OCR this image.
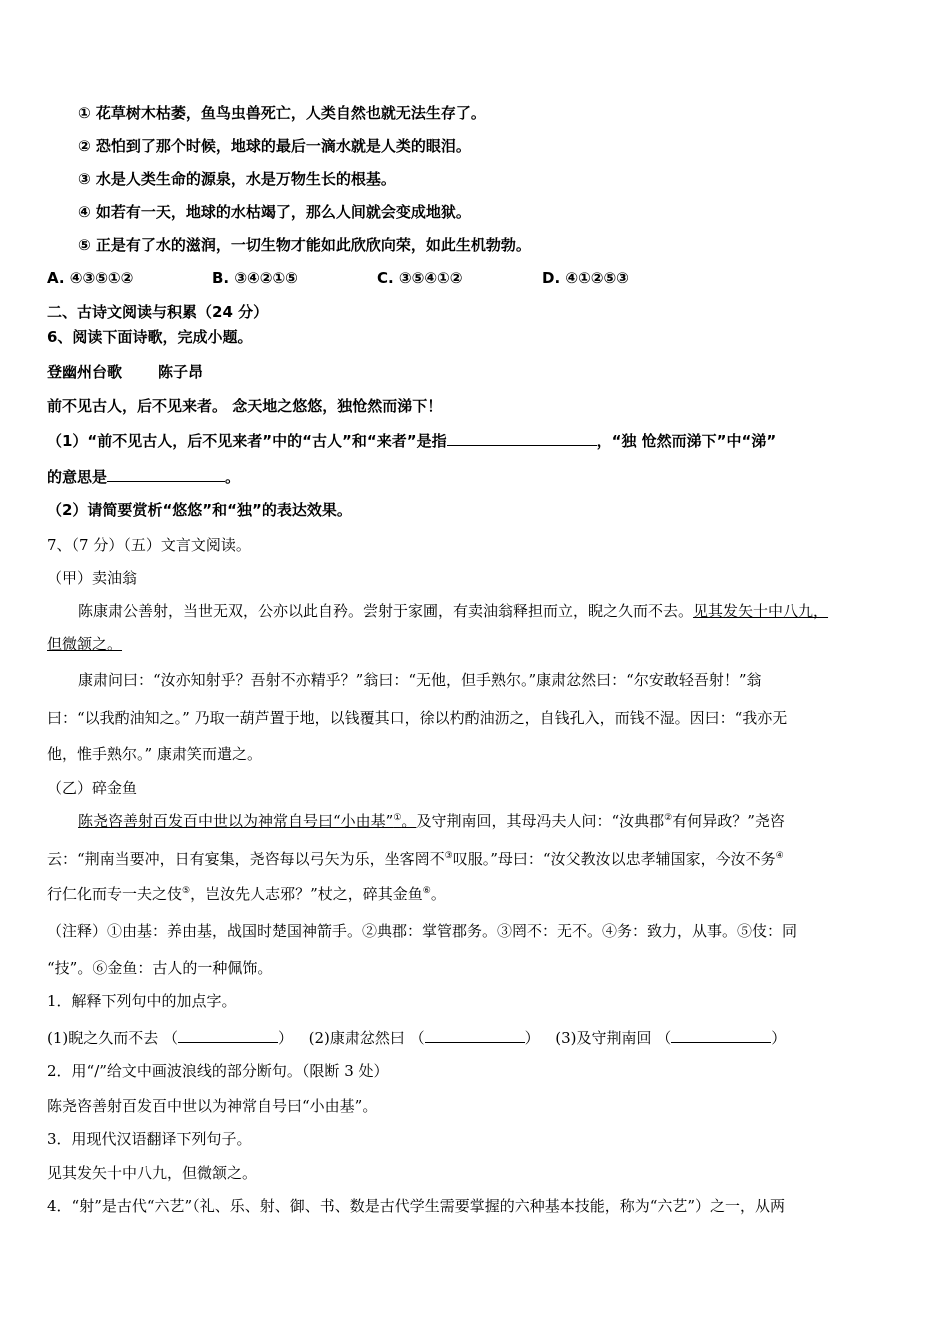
① 花草树木枯萎，鱼鸟虫兽死亡，人类自然也就无法生存了。
② 恐怕到了那个时候，地球的最后一滴水就是人类的眼泪。
③ 水是人类生命的源泉，水是万物生长的根基。
④ 如若有一天，地球的水枯竭了，那么人间就会变成地狱。
⑤ 正是有了水的滋润，一切生物才能如此欣欣向荣，如此生机勃勃。
A. ④③⑤①②	B. ③④②①⑤	C. ③⑤④①②	D. ④①②⑤③
二、古诗文阅读与积累（24 分）
6、阅读下面诗歌，完成小题。
登幽州台歌 陈子昂
前不见古人，后不见来者。 念天地之悠悠，独怆然而涕下！
（1）“前不见古人，后不见来者”中的“古人”和“来者”是指	，“独 怆然而涕下”中“涕”
的意思是	。
（2）请简要赏析“悠悠”和“独”的表达效果。
7、（7 分）（五）文言文阅读。
（甲）卖油翁
陈康肃公善射，当世无双，公亦以此自矜。尝射于家圃，有卖油翁释担而立，睨之久而不去。见其发矢十中八九，
但微颔之。
康肃问曰：“汝亦知射乎？吾射不亦精乎？”翁曰：“无他，但手熟尔。”康肃忿然曰：“尔安敢轻吾射！”翁
曰：“以我酌油知之。” 乃取一葫芦置于地，以钱覆其口，徐以杓酌油沥之，自钱孔入，而钱不湿。因曰：“我亦无
他，惟手熟尔。” 康肃笑而遣之。
（乙）碎金鱼
陈尧咨善射百发百中世以为神常自号曰“小由基”①。及守荆南回，其母冯夫人问：“汝典郡②有何异政？”尧咨
云：“荆南当要冲，日有宴集，尧咨每以弓矢为乐，坐客罔不③叹服。”母曰：“汝父教汝以忠孝辅国家，今汝不务④
行仁化而专一夫之伎⑤，岂汝先人志邪？”杖之，碎其金鱼⑥。
（注释）①由基：养由基，战国时楚国神箭手。②典郡：掌管郡务。③罔不：无不。④务：致力，从事。⑤伎：同
“技”。⑥金鱼：古人的一种佩饰。
1．解释下列句中的加点字。
(1)睨之久而不去 （	） (2)康肃忿然曰 （	） (3)及守荆南回 （	）
2．用“/”给文中画波浪线的部分断句。（限断 3 处）
陈尧咨善射百发百中世以为神常自号曰“小由基”。
3．用现代汉语翻译下列句子。
见其发矢十中八九，但微颔之。
4．“射”是古代“六艺”（礼、乐、射、御、书、数是古代学生需要掌握的六种基本技能，称为“六艺”）之一，从两
